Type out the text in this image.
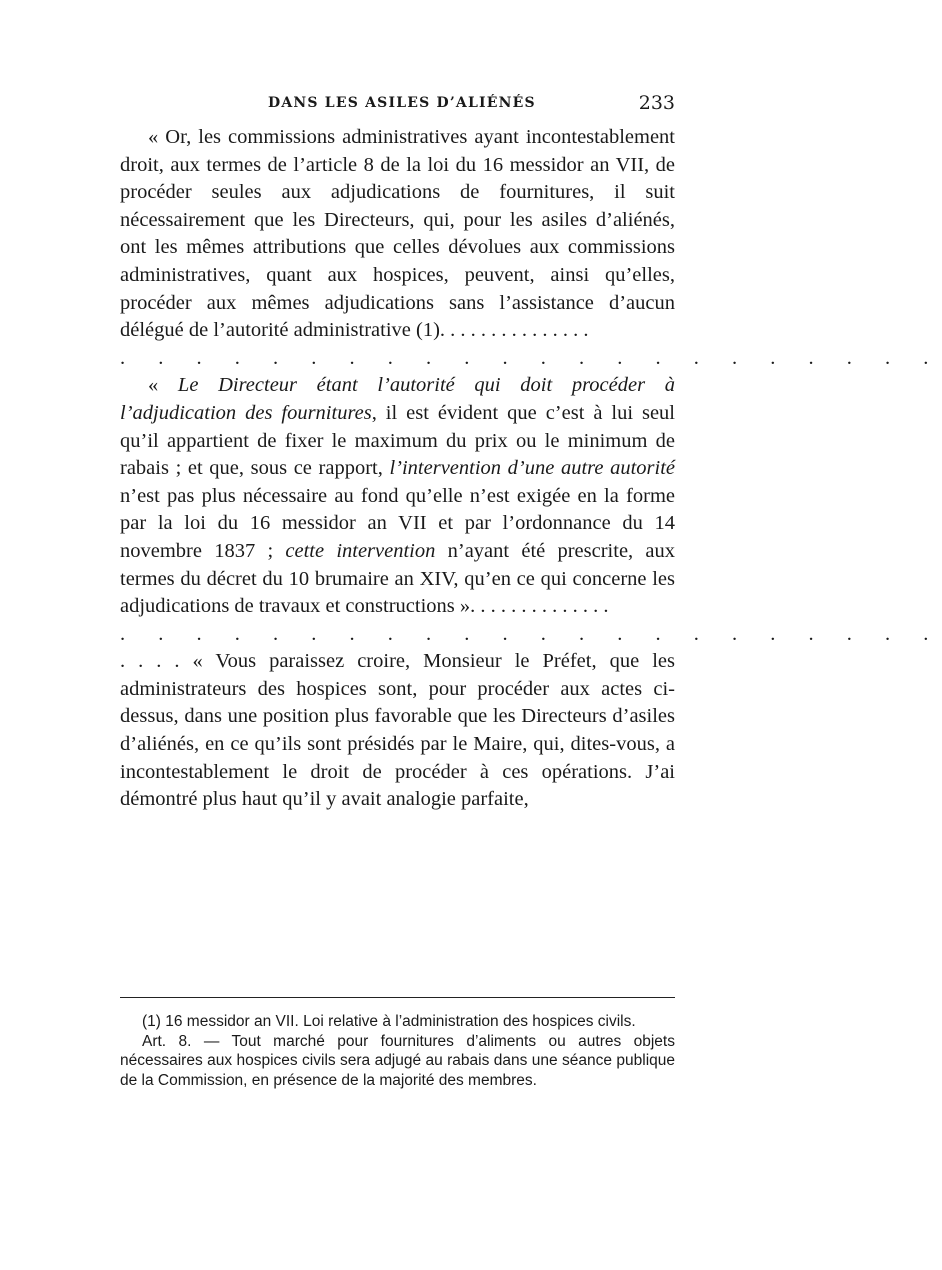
DANS LES ASILES D’ALIÉNÉS	233

« Or, les commissions administratives ayant incontestablement droit, aux termes de l’article 8 de la loi du 16 messidor an VII, de procéder seules aux adjudications de fournitures, il suit nécessairement que les Directeurs, qui, pour les asiles d’aliénés, ont les mêmes attributions que celles dévolues aux commissions administratives, quant aux hospices, peuvent, ainsi qu’elles, procéder aux mêmes adjudications sans l’assistance d’aucun délégué de l’autorité administrative (1). . . . . . . . . . . . . . .

. . . . . . . . . . . . . . . . . . . . . .

« Le Directeur étant l’autorité qui doit procéder à l’adjudication des fournitures, il est évident que c’est à lui seul qu’il appartient de fixer le maximum du prix ou le minimum de rabais ; et que, sous ce rapport, l’intervention d’une autre autorité n’est pas plus nécessaire au fond qu’elle n’est exigée en la forme par la loi du 16 messidor an VII et par l’ordonnance du 14 novembre 1837 ; cette intervention n’ayant été prescrite, aux termes du décret du 10 brumaire an XIV, qu’en ce qui concerne les adjudications de travaux et constructions ». . . . . . . . . . . . . .

. . . . . . . . . . . . . . . . . . . . . .

. . . . « Vous paraissez croire, Monsieur le Préfet, que les administrateurs des hospices sont, pour procéder aux actes ci-dessus, dans une position plus favorable que les Directeurs d’asiles d’aliénés, en ce qu’ils sont présidés par le Maire, qui, dites-vous, a incontestablement le droit de procéder à ces opérations. J’ai démontré plus haut qu’il y avait analogie parfaite,

(1) 16 messidor an VII. Loi relative à l’administration des hospices civils.

Art. 8. — Tout marché pour fournitures d’aliments ou autres objets nécessaires aux hospices civils sera adjugé au rabais dans une séance publique de la Commission, en présence de la majorité des membres.
